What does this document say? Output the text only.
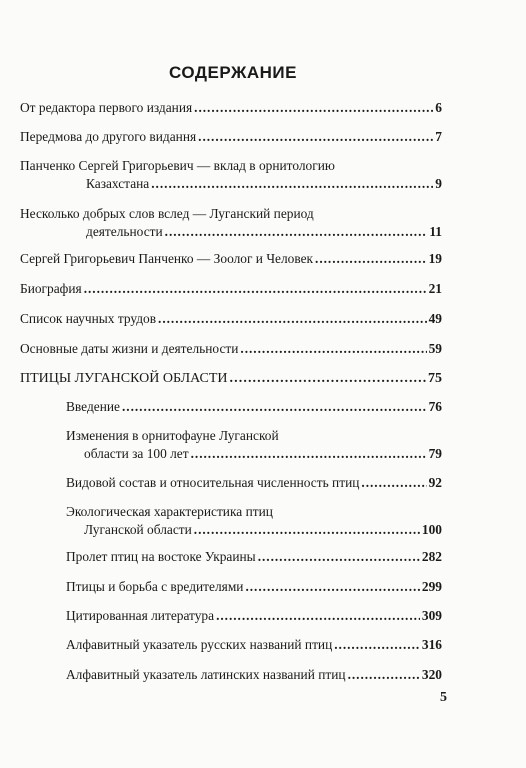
СОДЕРЖАНИЕ
От редактора первого издания . . .	6
Передмова до другого видання . . .	7
Панченко Сергей Григорьевич — вклад в орнитологию
Казахстана . . .	9
Несколько добрых слов вслед — Луганский период
деятельности . . .	11
Сергей Григорьевич Панченко — Зоолог и Человек . . .	19
Биография . . .	21
Список научных трудов . . .	49
Основные даты жизни и деятельности . . .	59
ПТИЦЫ ЛУГАНСКОЙ ОБЛАСТИ . . .	75
Введение . . .	76
Изменения в орнитофауне Луганской
области за 100 лет . . .	79
Видовой состав и относительная численность птиц . . .	92
Экологическая характеристика птиц
Луганской области . . .	100
Пролет птиц на востоке Украины . . .	282
Птицы и борьба с вредителями . . .	299
Цитированная литература . . .	309
Алфавитный указатель русских названий птиц . . .	316
Алфавитный указатель латинских названий птиц . . .	320
5
